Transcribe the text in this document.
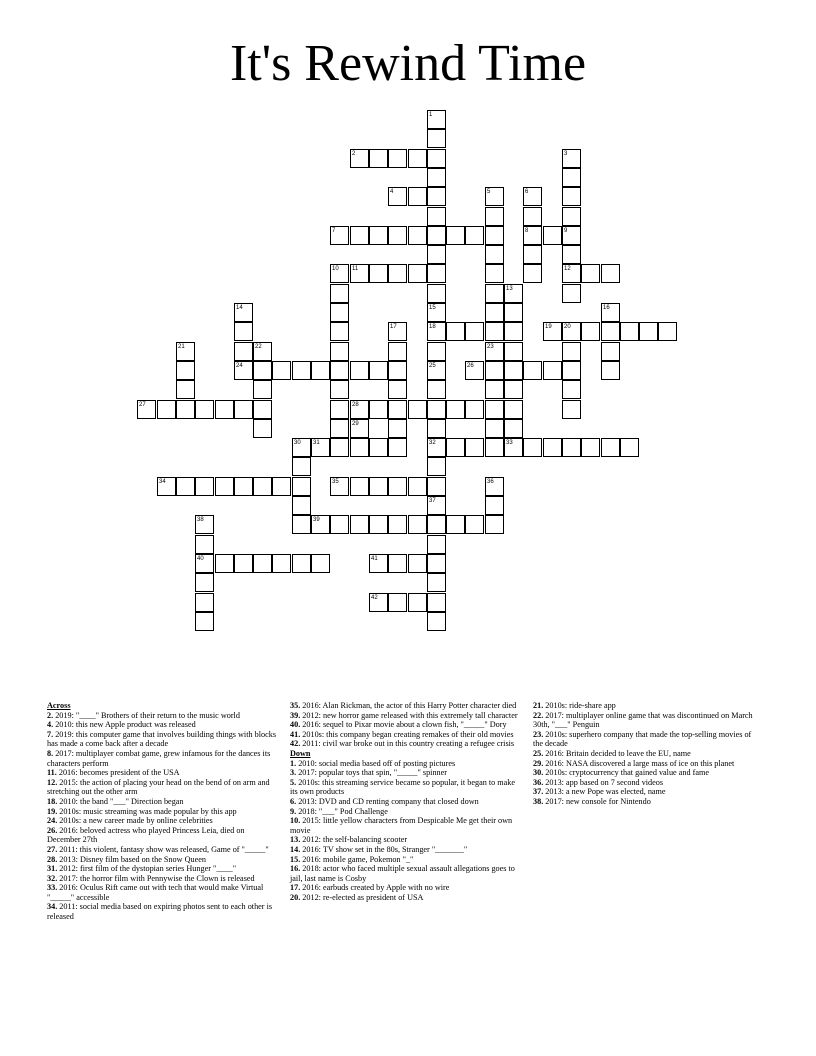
It's Rewind Time
1
15
18
25
2	3
9
4	5	6
8
7
12
10 11
13
14
24
16
17	19 20
21	22	23
32
37
26
27	28
29
30 31	33
34	35	36
38
40
39
41
42
Across
2. 2019: "____" Brothers of their return to the music world
4. 2010: this new Apple product was released
7. 2019: this computer game that involves building things with blocks has made a come back after a decade
8. 2017: multiplayer combat game, grew infamous for the dances its characters perform
11. 2016: becomes president of the USA
12. 2015: the action of placing your head on the bend of on arm and stretching out the other arm
18. 2010: the band "___" Direction began
19. 2010s: music streaming was made popular by this app
24. 2010s: a new career made by online celebrities
26. 2016: beloved actress who played Princess Leia, died on December 27th
27. 2011: this violent, fantasy show was released, Game of "_____"
28. 2013: Disney film based on the Snow Queen
31. 2012: first film of the dystopian series Hunger "____"
32. 2017: the horror film with Pennywise the Clown is released
33. 2016: Oculus Rift came out with tech that would make Virtual "_____" accessible
34. 2011: social media based on expiring photos sent to each other is released
35. 2016: Alan Rickman, the actor of this Harry Potter character died
39. 2012: new horror game released with this extremely tall character
40. 2016: sequel to Pixar movie about a clown fish, "_____" Dory
41. 2010s: this company began creating remakes of their old movies
42. 2011: civil war broke out in this country creating a refugee crisis
Down
1. 2010: social media based off of posting pictures
3. 2017: popular toys that spin, "_____" spinner
5. 2010s: this streaming service became so popular, it began to make its own products
6. 2013: DVD and CD renting company that closed down
9. 2018: "___" Pod Challenge
10. 2015: little yellow characters from Despicable Me get their own movie
13. 2012: the self-balancing scooter
14. 2016: TV show set in the 80s, Stranger "_______"
15. 2016: mobile game, Pokemon "_"
16. 2018: actor who faced multiple sexual assault allegations goes to jail, last name is Cosby
17. 2016: earbuds created by Apple with no wire
20. 2012: re-elected as president of USA
21. 2010s: ride-share app
22. 2017: multiplayer online game that was discontinued on March 30th, "___" Penguin
23. 2010s: superhero company that made the top-selling movies of the decade
25. 2016: Britain decided to leave the EU, name
29. 2016: NASA discovered a large mass of ice on this planet
30. 2010s: cryptocurrency that gained value and fame
36. 2013: app based on 7 second videos
37. 2013: a new Pope was elected, name
38. 2017: new console for Nintendo
